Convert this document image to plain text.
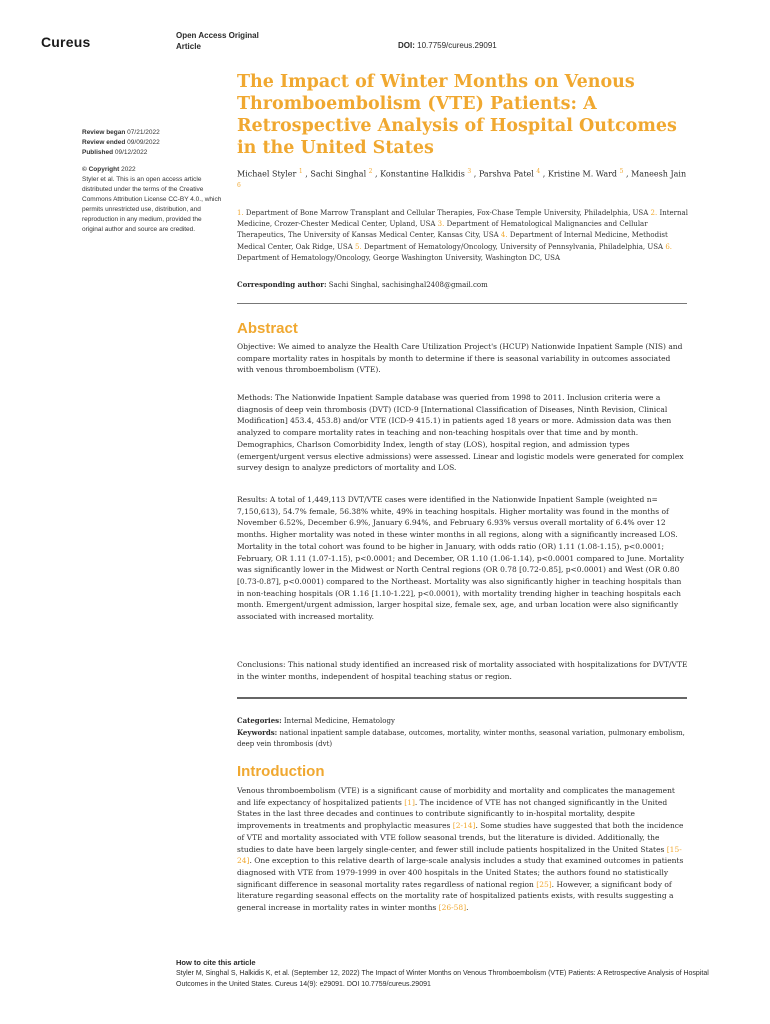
Cureus	Open Access Original Article	DOI: 10.7759/cureus.29091
The Impact of Winter Months on Venous Thromboembolism (VTE) Patients: A Retrospective Analysis of Hospital Outcomes in the United States
Review began 07/21/2022
Review ended 09/09/2022
Published 09/12/2022
© Copyright 2022
Styler et al. This is an open access article distributed under the terms of the Creative Commons Attribution License CC-BY 4.0., which permits unrestricted use, distribution, and reproduction in any medium, provided the original author and source are credited.
Michael Styler $^1$ , Sachi Singhal $^2$ , Konstantine Halkidis $^3$ , Parshva Patel $^4$ , Kristine M. Ward $^5$ , Maneesh Jain $^6$
1. Department of Bone Marrow Transplant and Cellular Therapies, Fox-Chase Temple University, Philadelphia, USA 2. Internal Medicine, Crozer-Chester Medical Center, Upland, USA 3. Department of Hematological Malignancies and Cellular Therapeutics, The University of Kansas Medical Center, Kansas City, USA 4. Department of Internal Medicine, Methodist Medical Center, Oak Ridge, USA 5. Department of Hematology/Oncology, University of Pennsylvania, Philadelphia, USA 6. Department of Hematology/Oncology, George Washington University, Washington DC, USA
Corresponding author: Sachi Singhal, sachisinghal2408@gmail.com
Abstract

Objective: We aimed to analyze the Health Care Utilization Project's (HCUP) Nationwide Inpatient Sample (NIS) and compare mortality rates in hospitals by month to determine if there is seasonal variability in outcomes associated with venous thromboembolism (VTE).

Methods: The Nationwide Inpatient Sample database was queried from 1998 to 2011. Inclusion criteria were a diagnosis of deep vein thrombosis (DVT) (ICD-9 [International Classification of Diseases, Ninth Revision, Clinical Modification] 453.4, 453.8) and/or VTE (ICD-9 415.1) in patients aged 18 years or more. Admission data was then analyzed to compare mortality rates in teaching and non-teaching hospitals over that time and by month. Demographics, Charlson Comorbidity Index, length of stay (LOS), hospital region, and admission types (emergent/urgent versus elective admissions) were assessed. Linear and logistic models were generated for complex survey design to analyze predictors of mortality and LOS.

Results: A total of 1,449,113 DVT/VTE cases were identified in the Nationwide Inpatient Sample (weighted n= 7,150,613), 54.7% female, 56.38% white, 49% in teaching hospitals. Higher mortality was found in the months of November 6.52%, December 6.9%, January 6.94%, and February 6.93% versus overall mortality of 6.4% over 12 months. Higher mortality was noted in these winter months in all regions, along with a significantly increased LOS. Mortality in the total cohort was found to be higher in January, with odds ratio (OR) 1.11 (1.08-1.15), p<0.0001; February, OR 1.11 (1.07-1.15), p<0.0001; and December, OR 1.10 (1.06-1.14), p<0.0001 compared to June. Mortality was significantly lower in the Midwest or North Central regions (OR 0.78 [0.72-0.85], p<0.0001) and West (OR 0.80 [0.73-0.87], p<0.0001) compared to the Northeast. Mortality was also significantly higher in teaching hospitals than in non-teaching hospitals (OR 1.16 [1.10-1.22], p<0.0001), with mortality trending higher in teaching hospitals each month. Emergent/urgent admission, larger hospital size, female sex, age, and urban location were also significantly associated with increased mortality.

Conclusions: This national study identified an increased risk of mortality associated with hospitalizations for DVT/VTE in the winter months, independent of hospital teaching status or region.

Categories: Internal Medicine, Hematology
Keywords: national inpatient sample database, outcomes, mortality, winter months, seasonal variation, pulmonary embolism, deep vein thrombosis (dvt)
Introduction

Venous thromboembolism (VTE) is a significant cause of morbidity and mortality and complicates the management and life expectancy of hospitalized patients [1]. The incidence of VTE has not changed significantly in the United States in the last three decades and continues to contribute significantly to in-hospital mortality, despite improvements in treatments and prophylactic measures [2-14]. Some studies have suggested that both the incidence of VTE and mortality associated with VTE follow seasonal trends, but the literature is divided. Additionally, the studies to date have been largely single-center, and fewer still include patients hospitalized in the United States [15-24]. One exception to this relative dearth of large-scale analysis includes a study that examined outcomes in patients diagnosed with VTE from 1979-1999 in over 400 hospitals in the United States; the authors found no statistically significant difference in seasonal mortality rates regardless of national region [25]. However, a significant body of literature regarding seasonal effects on the mortality rate of hospitalized patients exists, with results suggesting a general increase in mortality rates in winter months [26-58].

How to cite this article
Styler M, Singhal S, Halkidis K, et al. (September 12, 2022) The Impact of Winter Months on Venous Thromboembolism (VTE) Patients: A Retrospective Analysis of Hospital Outcomes in the United States. Cureus 14(9): e29091. DOI 10.7759/cureus.29091
